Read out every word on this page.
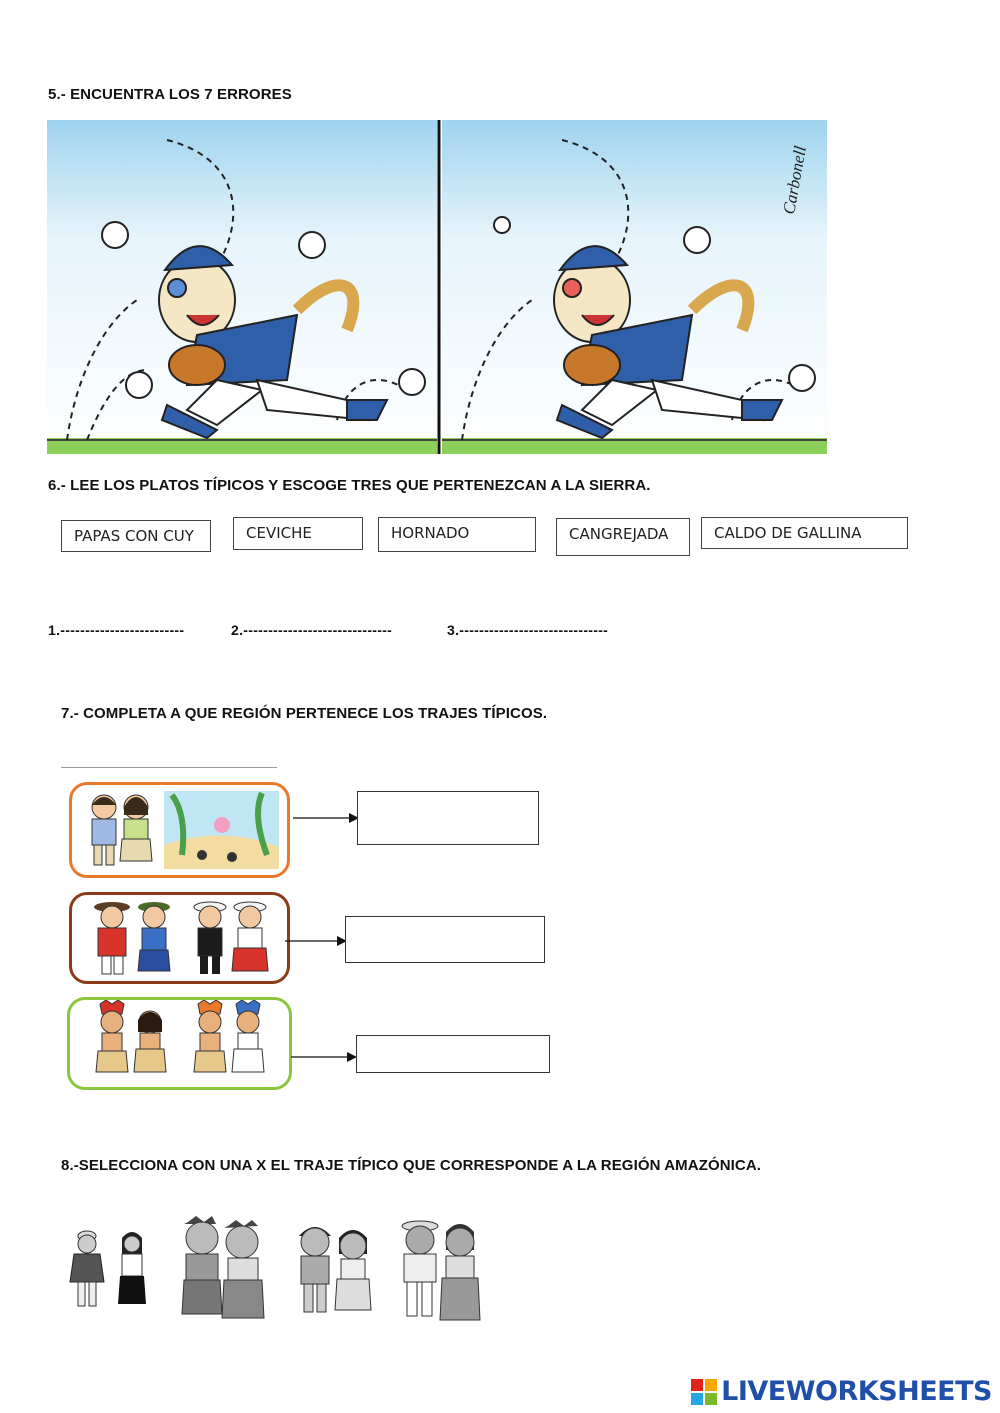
5.- ENCUENTRA LOS 7 ERRORES
Carbonell
6.- LEE LOS PLATOS TÍPICOS Y ESCOGE TRES QUE PERTENEZCAN A LA SIERRA.
PAPAS CON CUY	CEVICHE	HORNADO	CANGREJADA	CALDO DE GALLINA
1.-------------------------	2.------------------------------	3.------------------------------
7.- COMPLETA A QUE REGIÓN PERTENECE LOS TRAJES TÍPICOS.
8.-SELECCIONA CON UNA X EL TRAJE TÍPICO QUE CORRESPONDE A LA REGIÓN AMAZÓNICA.
LIVEWORKSHEETS
